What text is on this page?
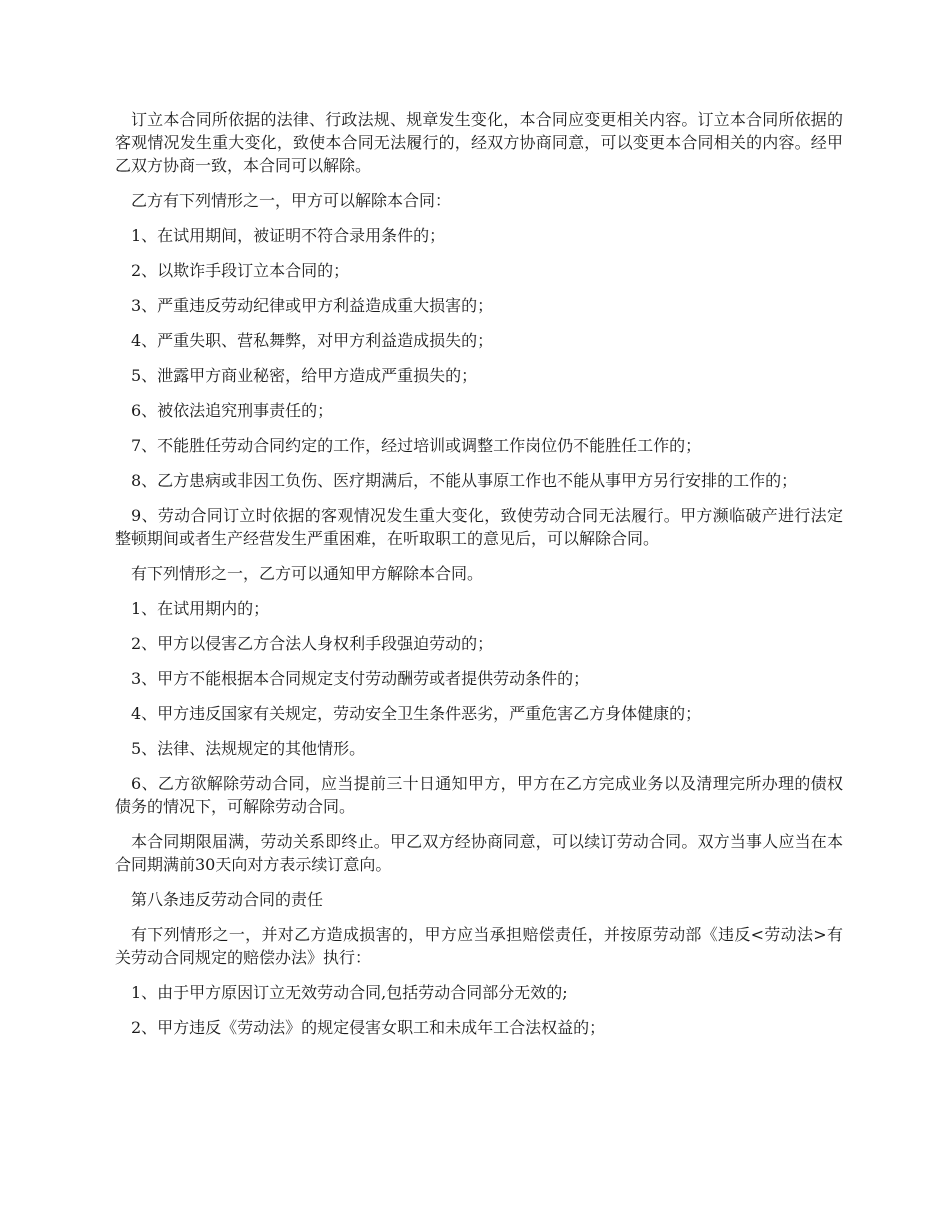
订立本合同所依据的法律、行政法规、规章发生变化，本合同应变更相关内容。订立本合同所依据的客观情况发生重大变化，致使本合同无法履行的，经双方协商同意，可以变更本合同相关的内容。经甲乙双方协商一致，本合同可以解除。

乙方有下列情形之一，甲方可以解除本合同：

1、在试用期间，被证明不符合录用条件的；

2、以欺诈手段订立本合同的；

3、严重违反劳动纪律或甲方利益造成重大损害的；

4、严重失职、营私舞弊，对甲方利益造成损失的；

5、泄露甲方商业秘密，给甲方造成严重损失的；

6、被依法追究刑事责任的；

7、不能胜任劳动合同约定的工作，经过培训或调整工作岗位仍不能胜任工作的；

8、乙方患病或非因工负伤、医疗期满后，不能从事原工作也不能从事甲方另行安排的工作的；

9、劳动合同订立时依据的客观情况发生重大变化，致使劳动合同无法履行。甲方濒临破产进行法定整顿期间或者生产经营发生严重困难，在听取职工的意见后，可以解除合同。

有下列情形之一，乙方可以通知甲方解除本合同。

1、在试用期内的；

2、甲方以侵害乙方合法人身权利手段强迫劳动的；

3、甲方不能根据本合同规定支付劳动酬劳或者提供劳动条件的；

4、甲方违反国家有关规定，劳动安全卫生条件恶劣，严重危害乙方身体健康的；

5、法律、法规规定的其他情形。

6、乙方欲解除劳动合同，应当提前三十日通知甲方，甲方在乙方完成业务以及清理完所办理的债权债务的情况下，可解除劳动合同。

本合同期限届满，劳动关系即终止。甲乙双方经协商同意，可以续订劳动合同。双方当事人应当在本合同期满前30天向对方表示续订意向。

第八条违反劳动合同的责任

有下列情形之一，并对乙方造成损害的，甲方应当承担赔偿责任，并按原劳动部《违反<劳动法>有关劳动合同规定的赔偿办法》执行：

1、由于甲方原因订立无效劳动合同,包括劳动合同部分无效的;

2、甲方违反《劳动法》的规定侵害女职工和未成年工合法权益的；
